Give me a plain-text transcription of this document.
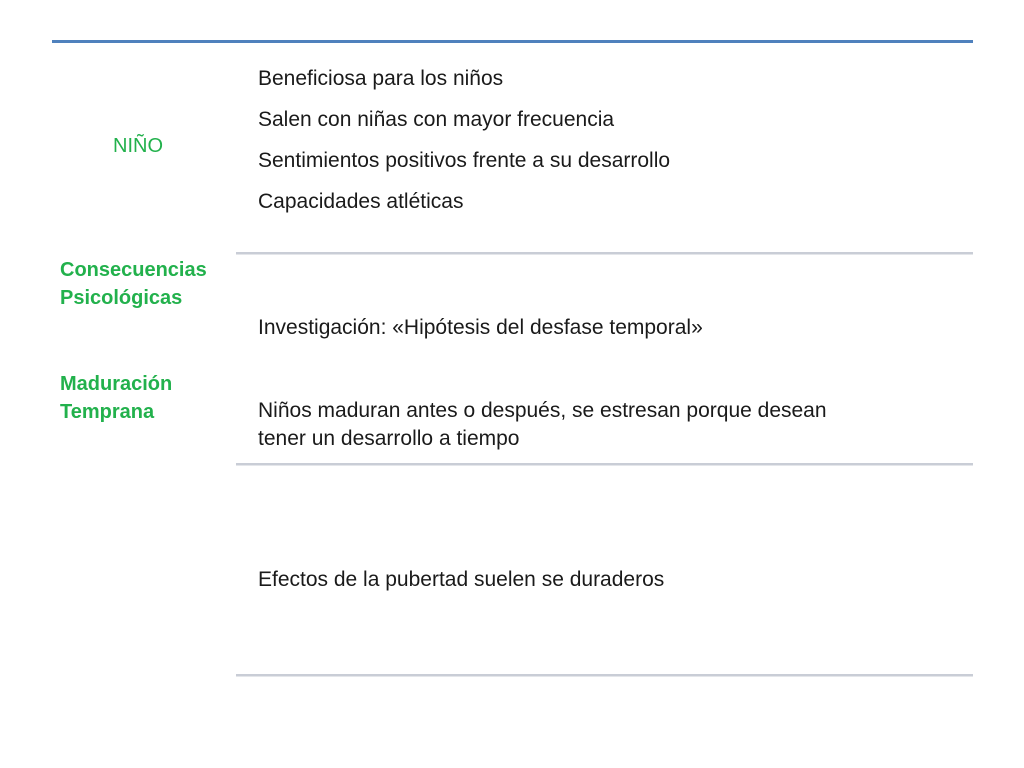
NIÑO

Consecuencias
Psicológicas
Maduración
Temprana
Beneficiosa para los niños
Salen con niñas con mayor frecuencia
Sentimientos positivos frente a su desarrollo
Capacidades atléticas

Investigación: «Hipótesis del desfase temporal»

Niños maduran antes o después, se estresan porque desean
tener un desarrollo a tiempo

Efectos de la pubertad suelen se duraderos
